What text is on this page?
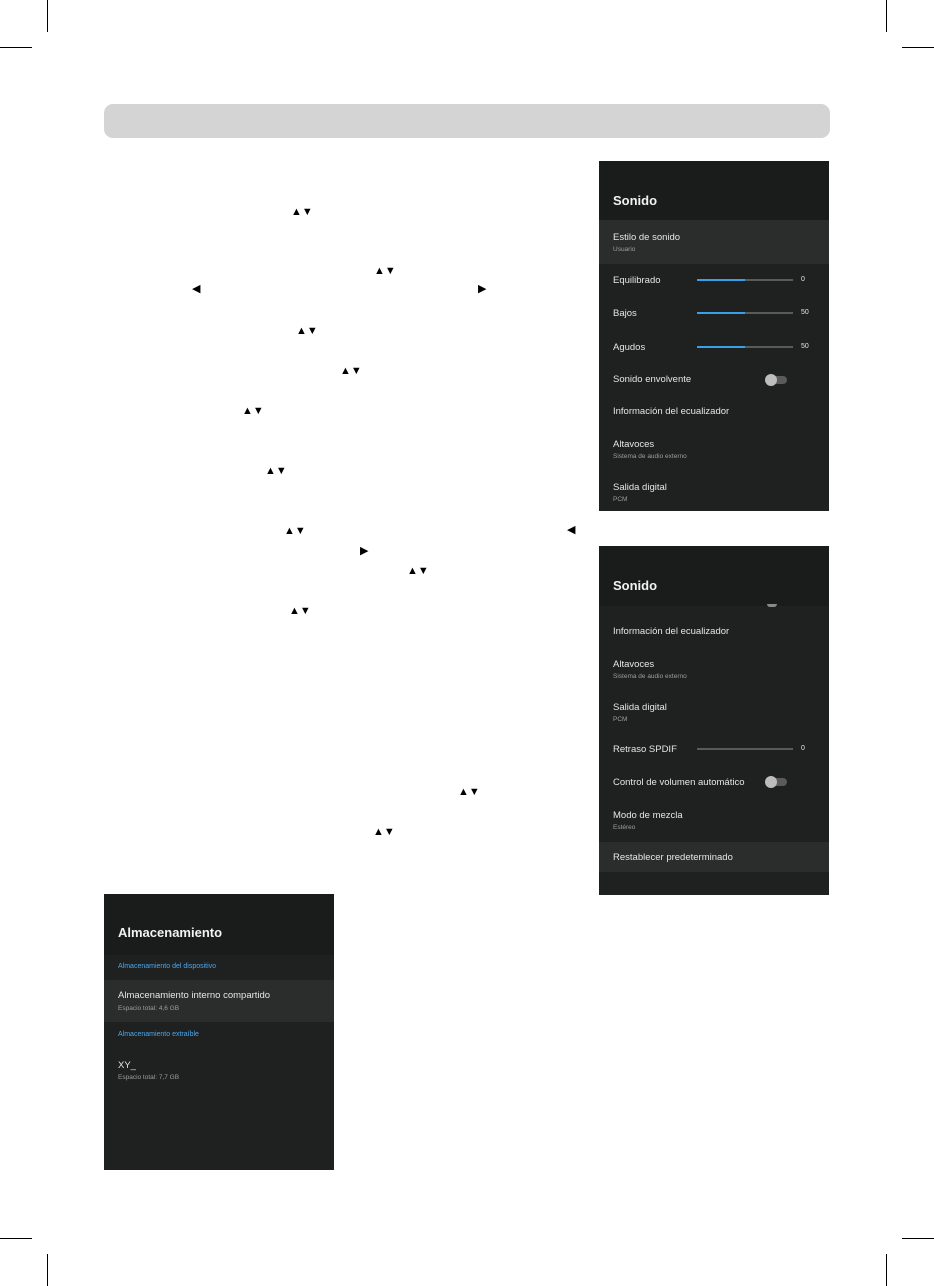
▲▼
▲▼
◀	▶
▲▼
▲▼
▲▼
▲▼
▲▼	◀
▶
▲▼
▲▼
▲▼
▲▼
Sonido
Estilo de sonido
Usuario
Equilibrado	0
Bajos	50
Agudos	50
Sonido envolvente
Información del ecualizador
Altavoces
Sistema de audio externo
Salida digital
PCM
Sonido
Información del ecualizador
Altavoces
Sistema de audio externo
Salida digital
PCM
Retraso SPDIF	0
Control de volumen automático
Modo de mezcla
Estéreo
Restablecer predeterminado
Almacenamiento
Almacenamiento del dispositivo
Almacenamiento interno compartido
Espacio total: 4,6 GB
Almacenamiento extraíble
XY_
Espacio total: 7,7 GB
